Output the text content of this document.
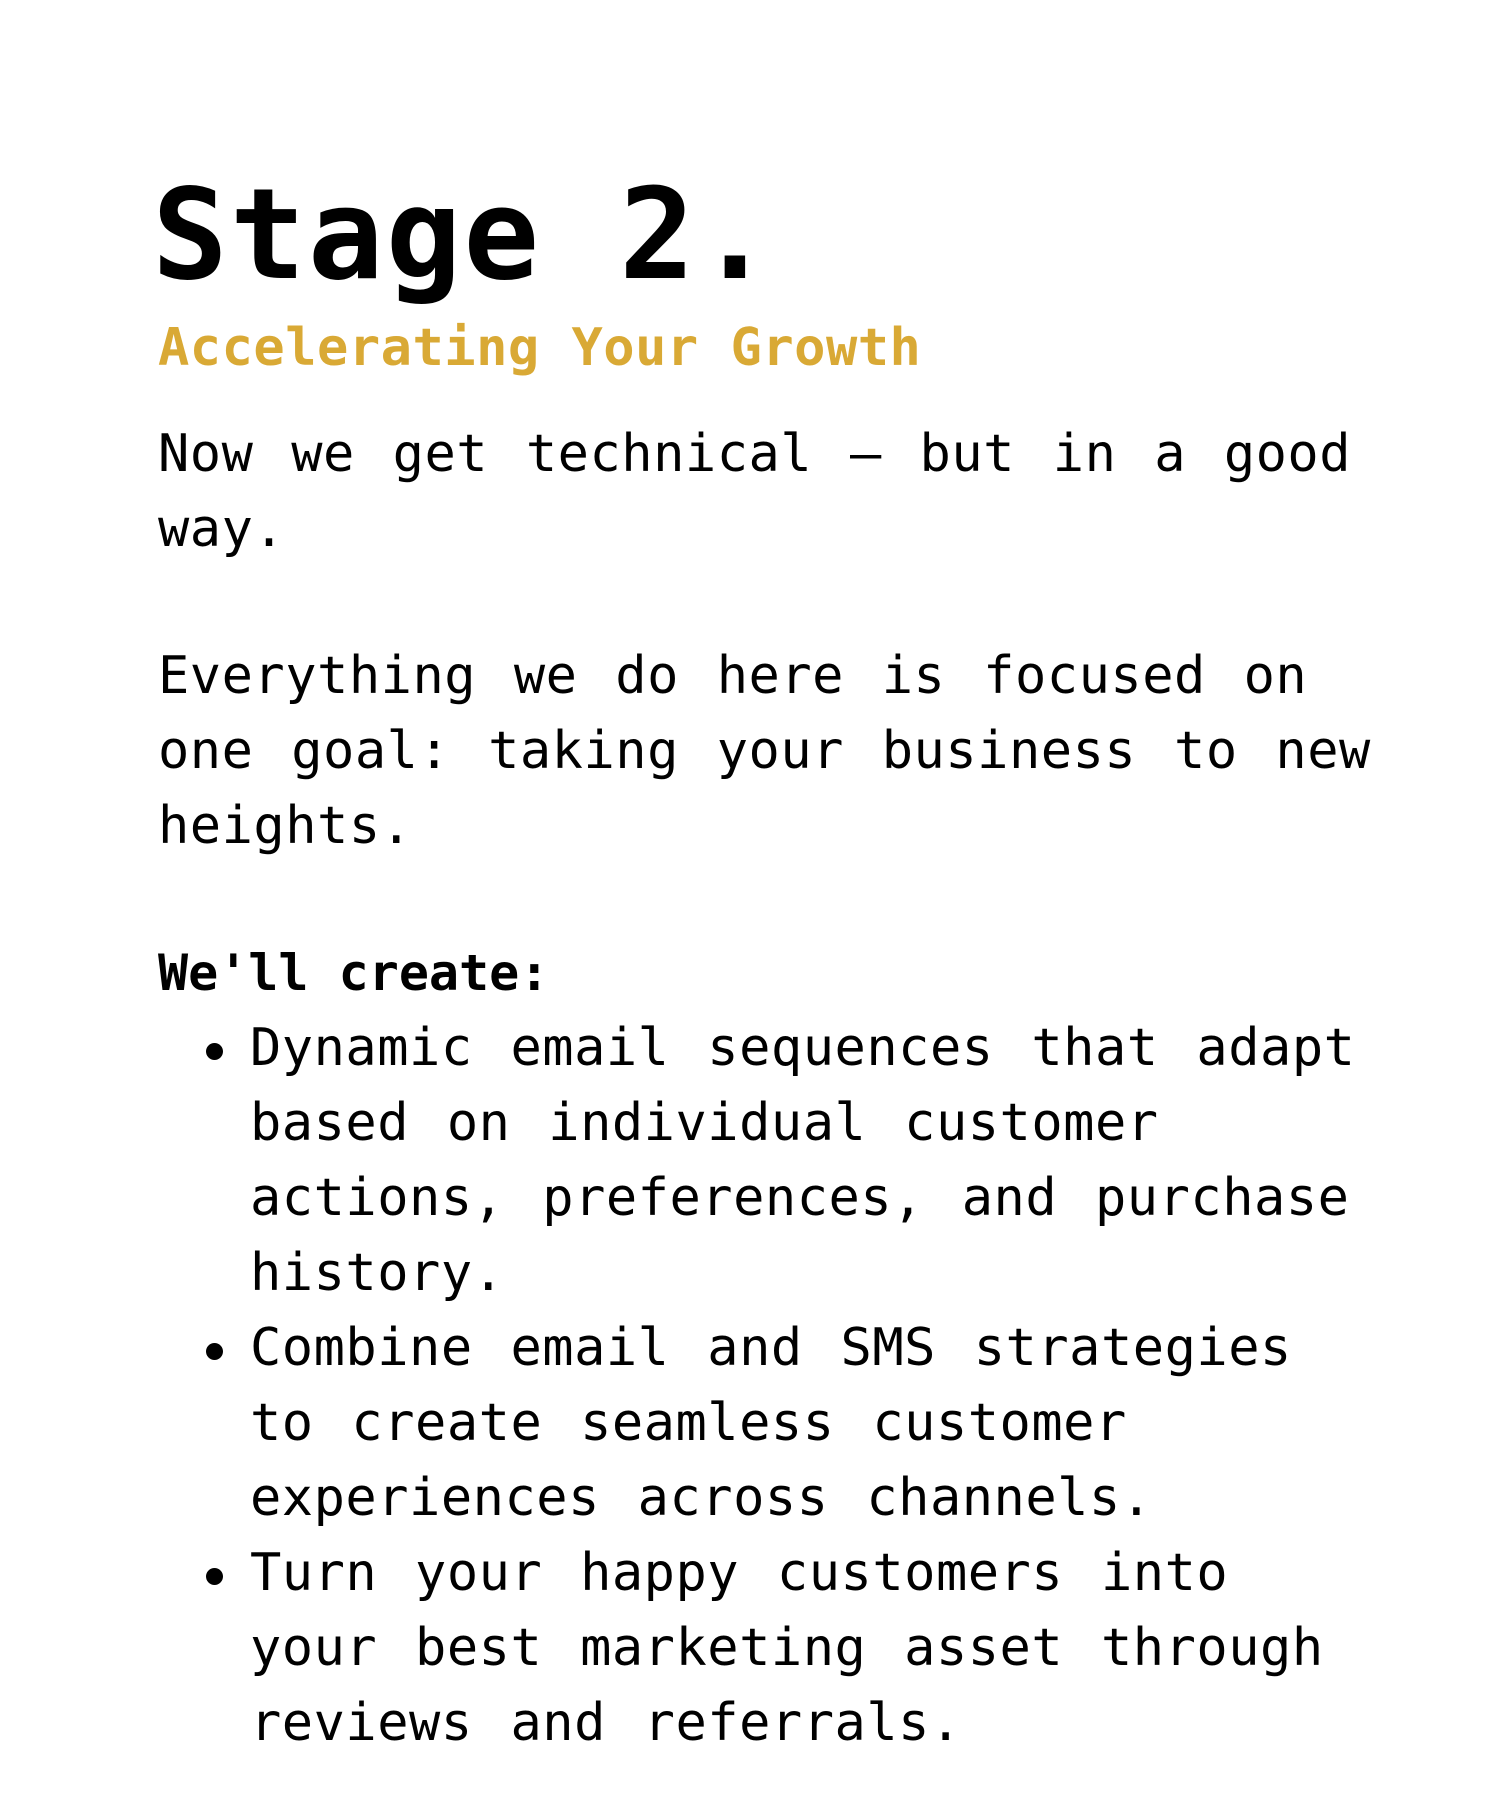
Stage 2.
Accelerating Your Growth

Now we get technical – but in a good way.

Everything we do here is focused on one goal: taking your business to new heights.

We'll create:

Dynamic email sequences that adapt based on individual customer actions, preferences, and purchase history.
Combine email and SMS strategies to create seamless customer experiences across channels.
Turn your happy customers into your best marketing asset through reviews and referrals.
